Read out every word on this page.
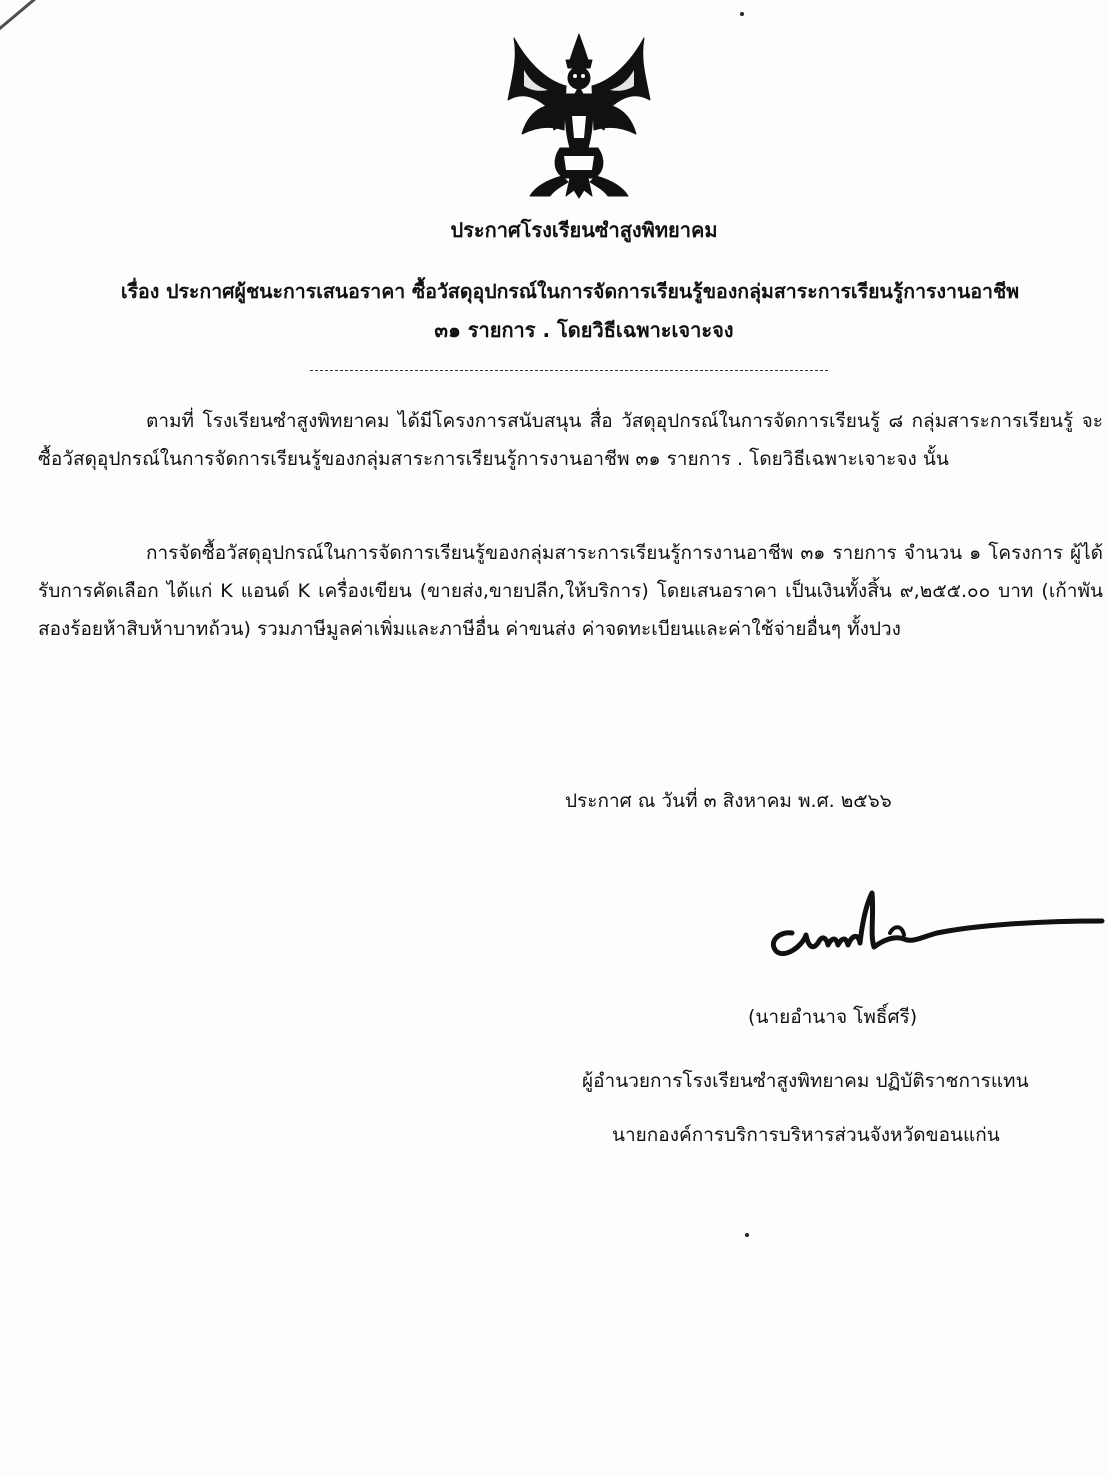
ประกาศโรงเรียนซำสูงพิทยาคม
เรื่อง ประกาศผู้ชนะการเสนอราคา ซื้อวัสดุอุปกรณ์ในการจัดการเรียนรู้ของกลุ่มสาระการเรียนรู้การงานอาชีพ
๓๑ รายการ . โดยวิธีเฉพาะเจาะจง
ตามที่ โรงเรียนซำสูงพิทยาคม ได้มีโครงการสนับสนุน สื่อ วัสดุอุปกรณ์ในการจัดการเรียนรู้ ๘ กลุ่มสาระการเรียนรู้ จะซื้อวัสดุอุปกรณ์ในการจัดการเรียนรู้ของกลุ่มสาระการเรียนรู้การงานอาชีพ ๓๑ รายการ . โดยวิธีเฉพาะเจาะจง นั้น
การจัดซื้อวัสดุอุปกรณ์ในการจัดการเรียนรู้ของกลุ่มสาระการเรียนรู้การงานอาชีพ ๓๑ รายการ จำนวน ๑ โครงการ ผู้ได้รับการคัดเลือก ได้แก่ K แอนด์ K เครื่องเขียน (ขายส่ง,ขายปลีก,ให้บริการ) โดยเสนอราคา เป็นเงินทั้งสิ้น ๙,๒๕๕.๐๐ บาท (เก้าพันสองร้อยห้าสิบห้าบาทถ้วน) รวมภาษีมูลค่าเพิ่มและภาษีอื่น ค่าขนส่ง ค่าจดทะเบียนและค่าใช้จ่ายอื่นๆ ทั้งปวง
ประกาศ ณ วันที่ ๓ สิงหาคม พ.ศ. ๒๕๖๖
(นายอำนาจ โพธิ์ศรี)
ผู้อำนวยการโรงเรียนซำสูงพิทยาคม ปฏิบัติราชการแทน
นายกองค์การบริการบริหารส่วนจังหวัดขอนแก่น
